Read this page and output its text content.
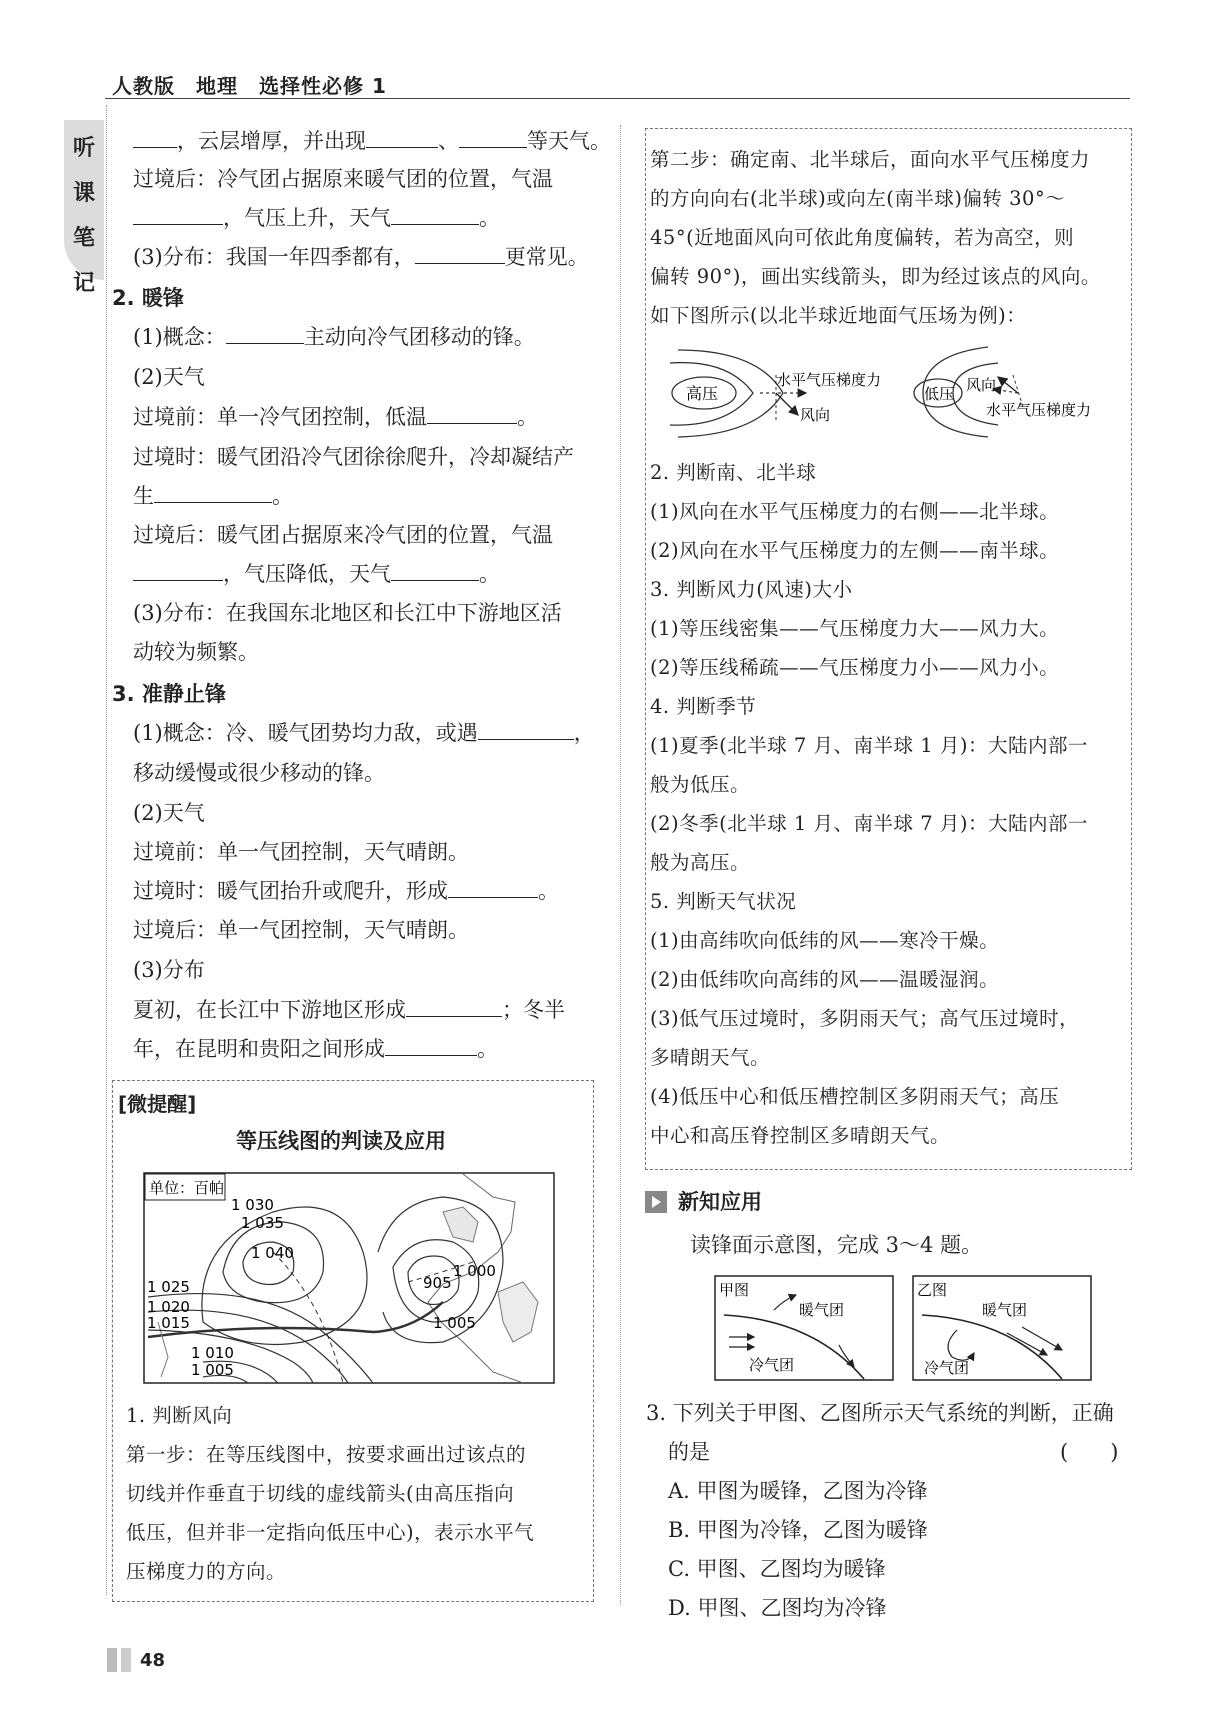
人教版　地理　选择性必修 1
听
课
笔
记
，云层增厚，并出现	、	等天气。
过境后：冷气团占据原来暖气团的位置，气温
，气压上升，天气	。
(3)分布：我国一年四季都有，	更常见。
2. 暖锋
(1)概念：	主动向冷气团移动的锋。
(2)天气
过境前：单一冷气团控制，低温	。
过境时：暖气团沿冷气团徐徐爬升，冷却凝结产
生	。
过境后：暖气团占据原来冷气团的位置，气温
，气压降低，天气	。
(3)分布：在我国东北地区和长江中下游地区活
动较为频繁。
3. 准静止锋
(1)概念：冷、暖气团势均力敌，或遇	，
移动缓慢或很少移动的锋。
(2)天气
过境前：单一气团控制，天气晴朗。
过境时：暖气团抬升或爬升，形成	。
过境后：单一气团控制，天气晴朗。
(3)分布
夏初，在长江中下游地区形成	；冬半
年，在昆明和贵阳之间形成	。
[微提醒]
等压线图的判读及应用
单位：百帕
1 030
1 035
1 040
1 025
1 020
1 015
1 010
1 005
905
1 000
1 005
1. 判断风向
第一步：在等压线图中，按要求画出过该点的
切线并作垂直于切线的虚线箭头(由高压指向
低压，但并非一定指向低压中心)，表示水平气
压梯度力的方向。
第二步：确定南、北半球后，面向水平气压梯度力
的方向向右(北半球)或向左(南半球)偏转 30°～
45°(近地面风向可依此角度偏转，若为高空，则
偏转 90°)，画出实线箭头，即为经过该点的风向。
如下图所示(以北半球近地面气压场为例)：
高压
水平气压梯度力
风向
低压 风向
水平气压梯度力
2. 判断南、北半球
(1)风向在水平气压梯度力的右侧——北半球。
(2)风向在水平气压梯度力的左侧——南半球。
3. 判断风力(风速)大小
(1)等压线密集——气压梯度力大——风力大。
(2)等压线稀疏——气压梯度力小——风力小。
4. 判断季节
(1)夏季(北半球 7 月、南半球 1 月)：大陆内部一
般为低压。
(2)冬季(北半球 1 月、南半球 7 月)：大陆内部一
般为高压。
5. 判断天气状况
(1)由高纬吹向低纬的风——寒冷干燥。
(2)由低纬吹向高纬的风——温暖湿润。
(3)低气压过境时，多阴雨天气；高气压过境时，
多晴朗天气。
(4)低压中心和低压槽控制区多阴雨天气；高压
中心和高压脊控制区多晴朗天气。
新知应用
读锋面示意图，完成 3～4 题。
甲图
暖气团
冷气团
乙图
暖气团
冷气团
3. 下列关于甲图、乙图所示天气系统的判断，正确
的是	(　　)
A. 甲图为暖锋，乙图为冷锋
B. 甲图为冷锋，乙图为暖锋
C. 甲图、乙图均为暖锋
D. 甲图、乙图均为冷锋
48
